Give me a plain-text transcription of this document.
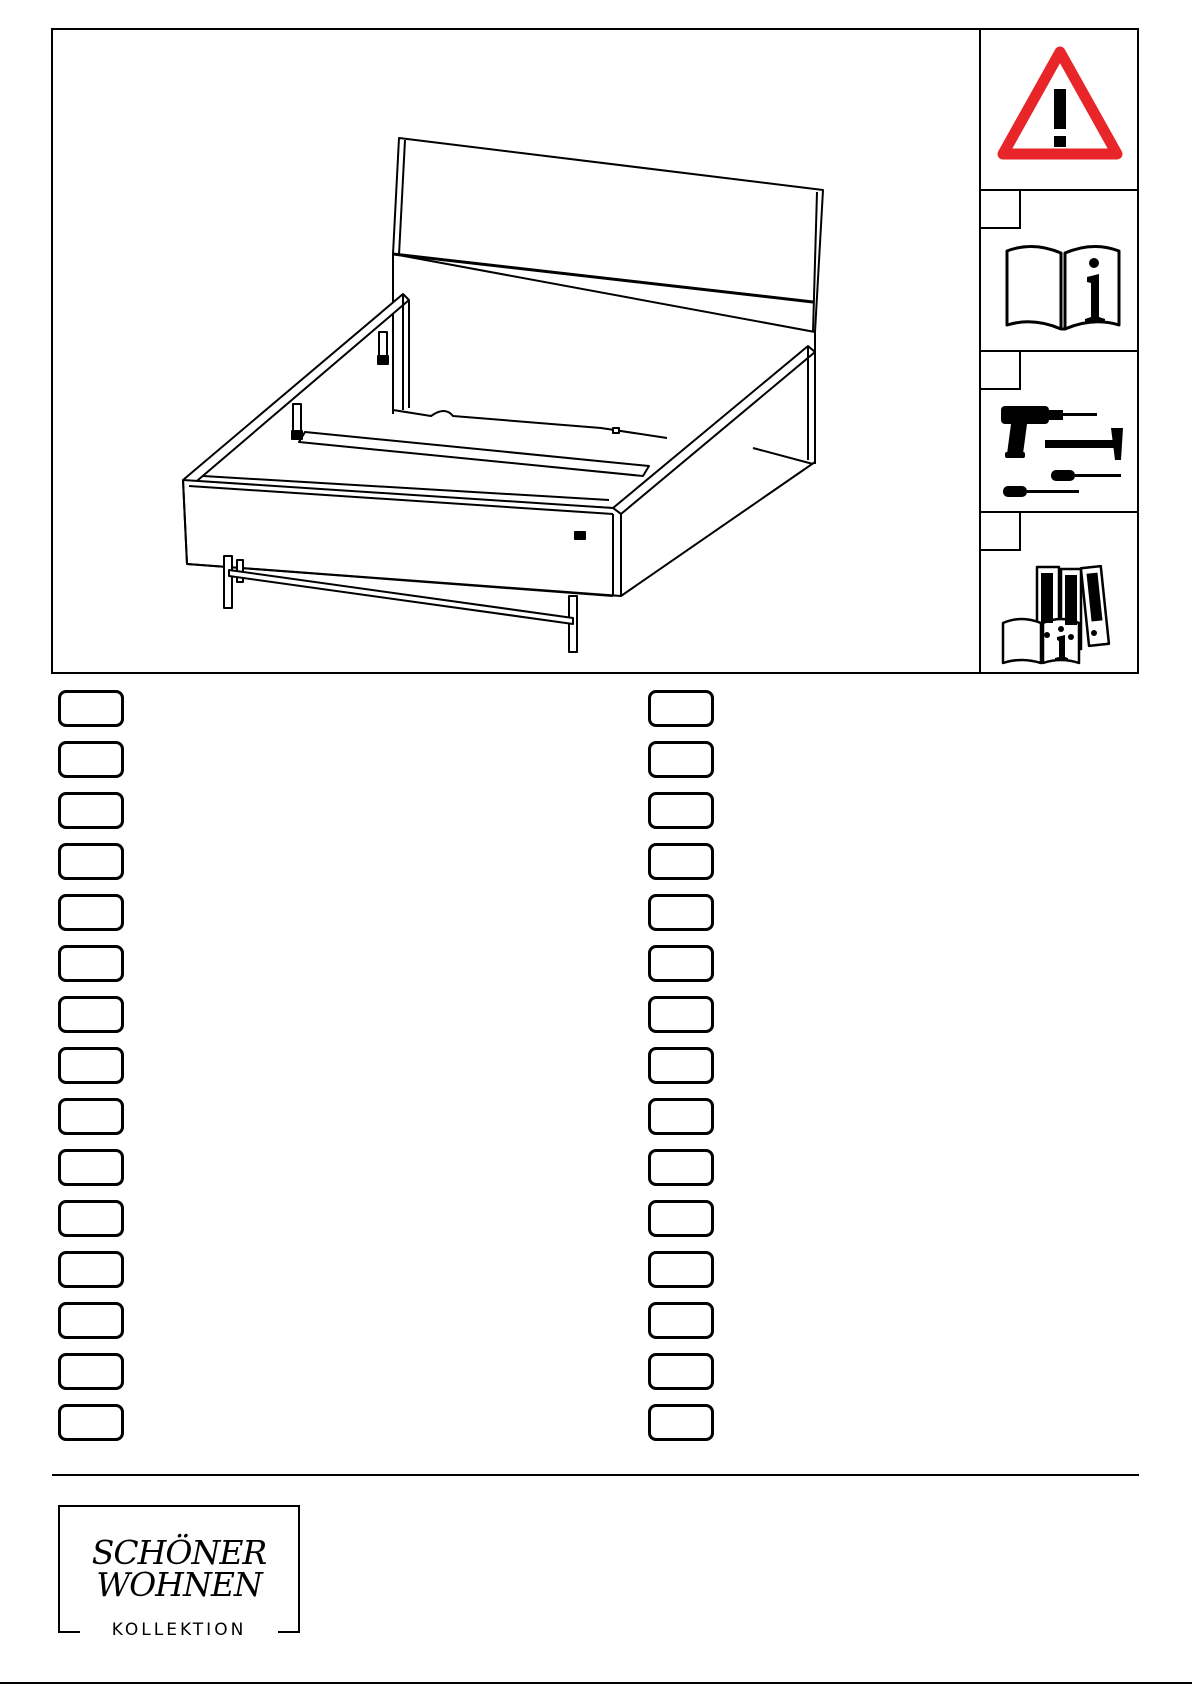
SCHÖNER
WOHNEN
KOLLEKTION
